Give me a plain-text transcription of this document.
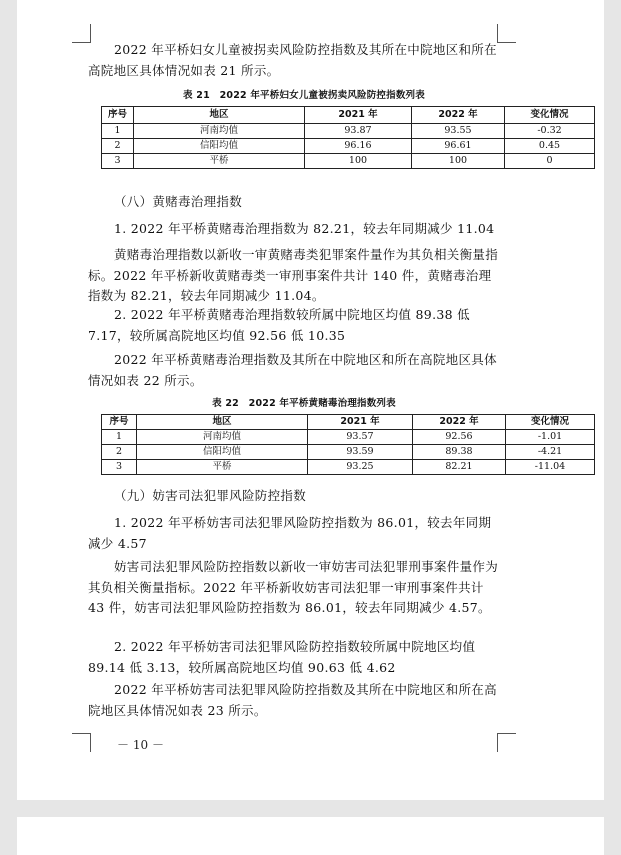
2022 年平桥妇女儿童被拐卖风险防控指数及其所在中院地区和所在高院地区具体情况如表 21 所示。

表 21　2022 年平桥妇女儿童被拐卖风险防控指数列表
序号	地区	2021 年	2022 年	变化情况
1	河南均值	93.87	93.55	-0.32
2	信阳均值	96.16	96.61	0.45
3	平桥	100	100	0

（八）黄赌毒治理指数

1. 2022 年平桥黄赌毒治理指数为 82.21，较去年同期减少 11.04

黄赌毒治理指数以新收一审黄赌毒类犯罪案件量作为其负相关衡量指标。2022 年平桥新收黄赌毒类一审刑事案件共计 140 件，黄赌毒治理指数为 82.21，较去年同期减少 11.04。

2. 2022 年平桥黄赌毒治理指数较所属中院地区均值 89.38 低 7.17，较所属高院地区均值 92.56 低 10.35

2022 年平桥黄赌毒治理指数及其所在中院地区和所在高院地区具体情况如表 22 所示。

表 22　2022 年平桥黄赌毒治理指数列表
序号	地区	2021 年	2022 年	变化情况
1	河南均值	93.57	92.56	-1.01
2	信阳均值	93.59	89.38	-4.21
3	平桥	93.25	82.21	-11.04

（九）妨害司法犯罪风险防控指数

1. 2022 年平桥妨害司法犯罪风险防控指数为 86.01，较去年同期减少 4.57

妨害司法犯罪风险防控指数以新收一审妨害司法犯罪刑事案件量作为其负相关衡量指标。2022 年平桥新收妨害司法犯罪一审刑事案件共计 43 件，妨害司法犯罪风险防控指数为 86.01，较去年同期减少 4.57。

2. 2022 年平桥妨害司法犯罪风险防控指数较所属中院地区均值 89.14 低 3.13，较所属高院地区均值 90.63 低 4.62

2022 年平桥妨害司法犯罪风险防控指数及其所在中院地区和所在高院地区具体情况如表 23 所示。

－ 10 －
